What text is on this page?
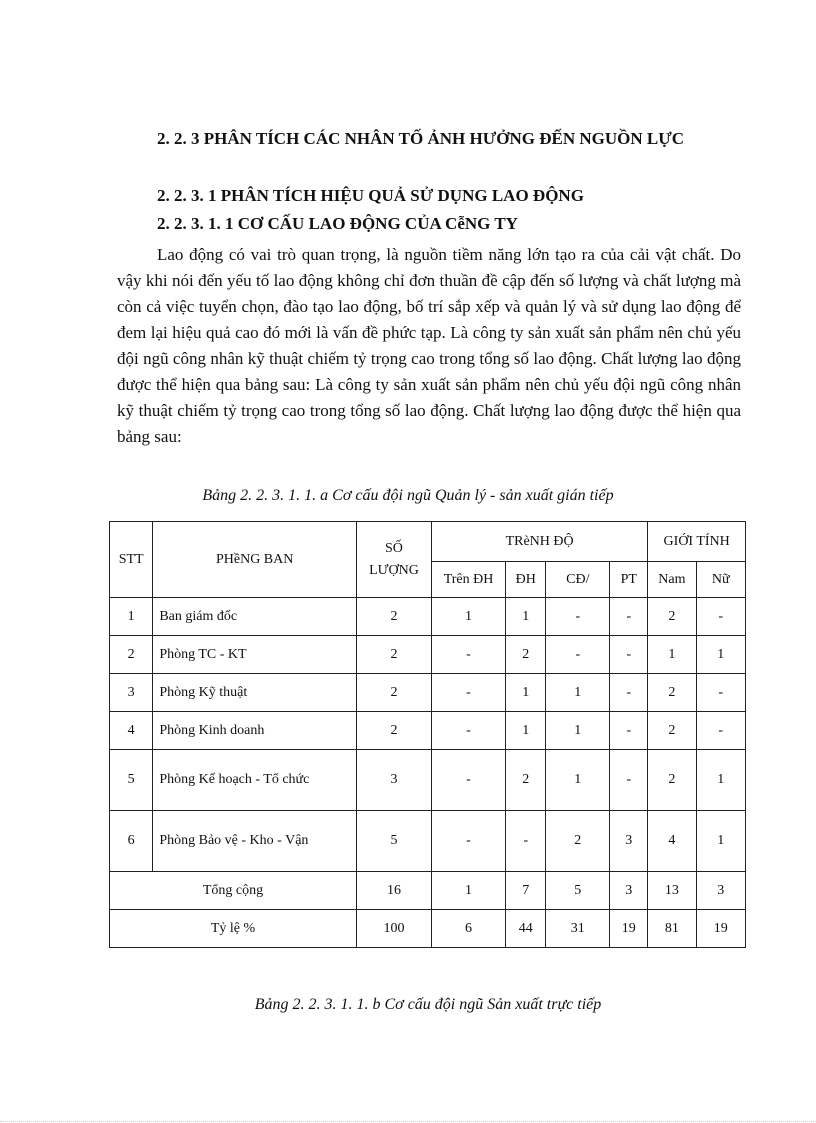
2. 2. 3 PHÂN TÍCH CÁC NHÂN TỐ ẢNH HƯỞNG ĐẾN NGUỒN LỰC
2. 2. 3. 1 PHÂN TÍCH HIỆU QUẢ SỬ DỤNG LAO ĐỘNG
2. 2. 3. 1. 1 CƠ CẤU LAO ĐỘNG CỦA CễNG TY

Lao động có vai trò quan trọng, là nguồn tiềm năng lớn tạo ra của cải vật chất. Do vậy khi nói đến yếu tố lao động không chỉ đơn thuần đề cập đến số lượng và chất lượng mà còn cả việc tuyển chọn, đào tạo lao động, bố trí sắp xếp và quản lý và sử dụng lao động để đem lại hiệu quả cao đó mới là vấn đề phức tạp. Là công ty sản xuất sản phẩm nên chủ yếu đội ngũ công nhân kỹ thuật chiếm tỷ trọng cao trong tổng số lao động. Chất lượng lao động được thể hiện qua bảng sau: Là công ty sản xuất sản phẩm nên chủ yếu đội ngũ công nhân kỹ thuật chiếm tỷ trọng cao trong tổng số lao động. Chất lượng lao động được thể hiện qua bảng sau:

Bảng 2. 2. 3. 1. 1. a Cơ cấu đội ngũ Quản lý - sản xuất gián tiếp
STT	PHềNG BAN	SỐ LƯỢNG	TRèNH ĐỘ				GIỚI TÍNH	
			Trên ĐH	ĐH	CĐ/	PT	Nam	Nữ
1	Ban giám đốc	2	1	1	-	-	2	-
2	Phòng TC - KT	2	-	2	-	-	1	1
3	Phòng Kỹ thuật	2	-	1	1	-	2	-
4	Phòng Kinh doanh	2	-	1	1	-	2	-
5	Phòng Kế hoạch - Tổ chức	3	-	2	1	-	2	1
6	Phòng Bảo vệ - Kho - Vận	5	-	-	2	3	4	1
Tổng cộng		16	1	7	5	3	13	3
Tỷ lệ %		100	6	44	31	19	81	19
Bảng 2. 2. 3. 1. 1. b Cơ cấu đội ngũ Sản xuất trực tiếp
